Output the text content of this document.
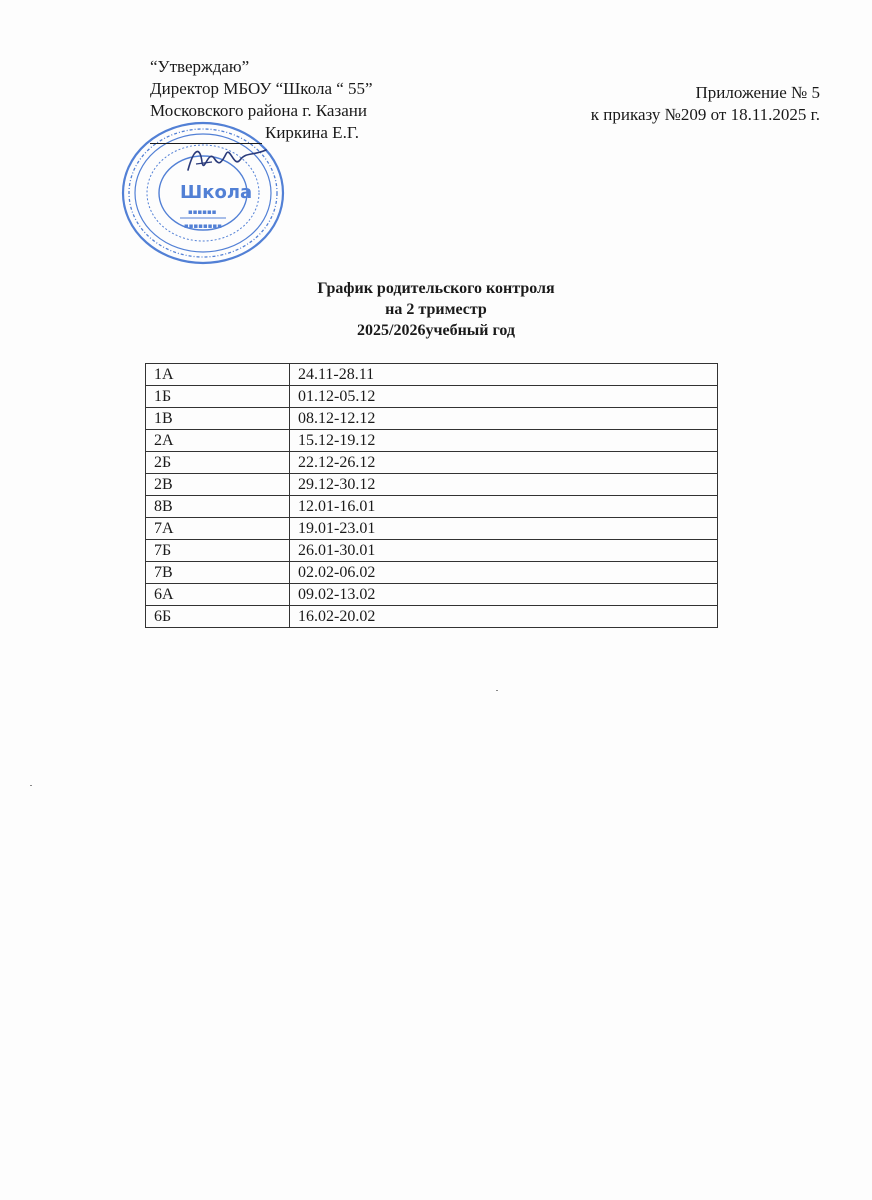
“Утверждаю”
Директор МБОУ “Школа “ 55”
Московского района г. Казани
Киркина Е.Г.
Приложение № 5
к приказу №209 от 18.11.2025 г.
Школа
▪▪▪▪▪▪
▪▪▪▪▪▪▪▪
График родительского контроля
на 2 триместр
2025/2026учебный год
1А	24.11-28.11
1Б	01.12-05.12
1В	08.12-12.12
2А	15.12-19.12
2Б	22.12-26.12
2В	29.12-30.12
8В	12.01-16.01
7А	19.01-23.01
7Б	26.01-30.01
7В	02.02-06.02
6А	09.02-13.02
6Б	16.02-20.02
